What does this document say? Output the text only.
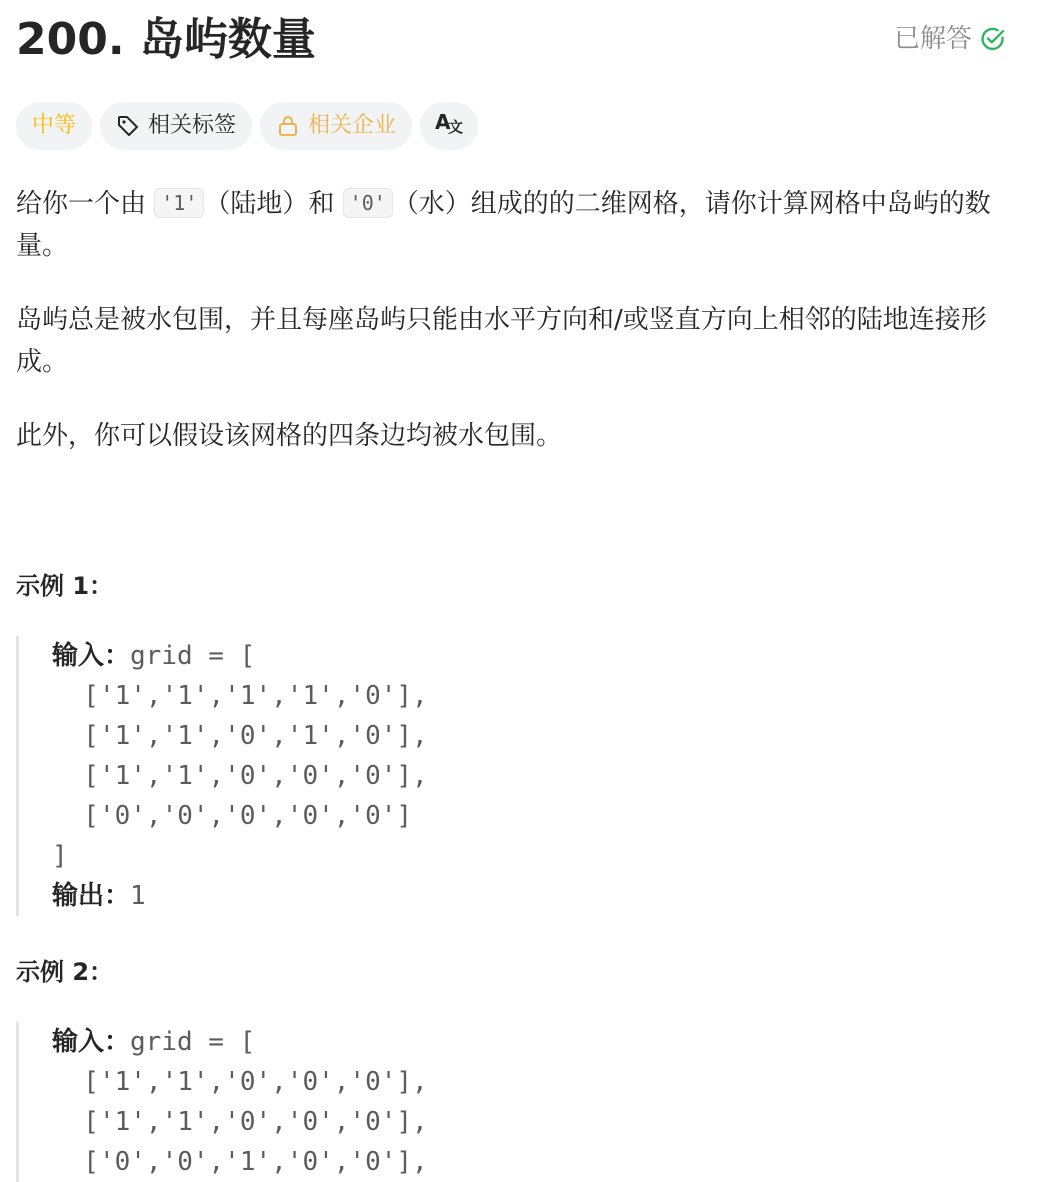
200. 岛屿数量	已解答
中等	相关标签	相关企业 A
文

给你一个由 '1' （陆地）和 '0' （水）组成的的二维网格，请你计算网格中岛屿的数量。

岛屿总是被水包围，并且每座岛屿只能由水平方向和/或竖直方向上相邻的陆地连接形成。

此外，你可以假设该网格的四条边均被水包围。

示例 1：
输入：grid = [
['1','1','1','1','0'],
['1','1','0','1','0'],
['1','1','0','0','0'],
['0','0','0','0','0']
]
输出：1
示例 2：
输入：grid = [
['1','1','0','0','0'],
['1','1','0','0','0'],
['0','0','1','0','0'],
